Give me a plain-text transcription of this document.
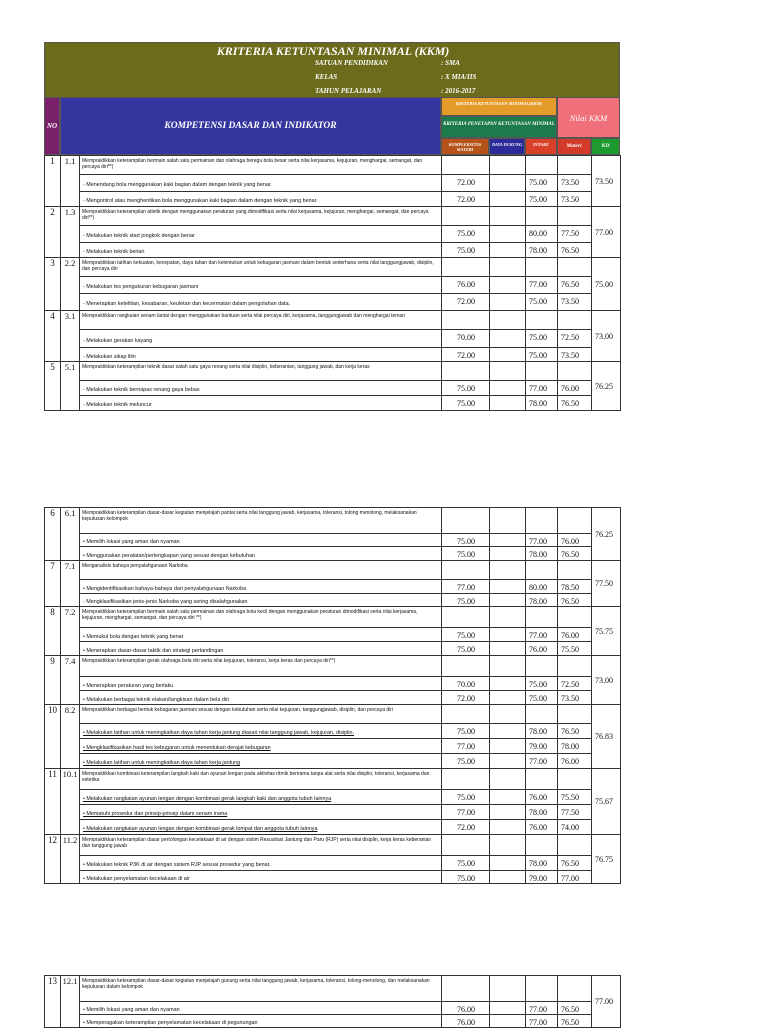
KRITERIA KETUNTASAN MINIMAL (KKM)
SATUAN PENDIDIKAN	: SMA
KELAS	: X MIA/IIS
TAHUN PELAJARAN	: 2016-2017
NO	KOMPETENSI DASAR DAN INDIKATOR
KRITERIA KETUNTASAN MINIMAL(KKM)
KRITERIA PENETAPAN KETUNTASAN MINIMAL
Nilai KKM
KOMPLEKSITAS MATERI
DAYA DUKUNG	INTAKE	Materi	KD
1	1.1	Mempraktikkan keterampilan bermain salah satu permainan dan olahraga beregu bola besar serta nilai kerjasama, kejujuran, menghargai, semangat, dan percaya diri**)					73.50
		- Menendang bola menggunakan kaki bagian dalam dengan teknik yang benar.	72.00		75.00	73.50	
		- Mengontrol atau menghentikan bola menggunakan kaki bagian dalam dengan teknik yang benar.	72.00		75.00	73.50	
2	1.3	Mempraktikkan keterampilan atletik dengan menggunakan peraturan yang dimodifikasi serta nilai kerjasama, kejujuran, menghargai, semangat, dan percaya diri**)					77.00
		- Melakukan teknik start jongkok dengan benar	75.00		80.00	77.50	
		- Melakukan teknik berlari	75.00		78.00	76.50	
3	2.2	Mempraktikkan latihan kekuatan, kecepatan, daya tahan dan kelentukan untuk kebugaran jasmani dalam bentuk sederhana serta nilai tanggungjawab, disiplin, dan percaya diri					75.00
		- Melakukan tes pengukuran kebugaran jasmani	76.00		77.00	76.50	
		- Menerapkan ketelitian, kesabaran, keuletan dan kecermatan dalam pengolahan data.	72.00		75.00	73.50	
4	3.1	Mempraktikkan rangkaian senam lantai dengan menggunakan bantuan serta nilai percaya diri, kerjasama, tanggungjawab dan menghargai teman					73.00
		- Melakukan gerakan kayang	70.00		75.00	72.50	
		- Melakukan sikap lilin	72.00		75.00	73.50	
5	5.1	Mempraktikkan keterampilan teknik dasar salah satu gaya renang serta nilai disiplin, keberanian, tanggung jawab, dan kerja keras					76.25
		- Melakukan teknik bernapas renang gaya bebas	75.00		77.00	76.00	
		- Melakukan teknik meluncur	75.00		78.00	76.50	
6	6.1	Mempraktikkan keterampilan dasar-dasar kegiatan menjelajah pantai serta nilai tanggung jawab, kerjasama, toleransi, tolong menolong, melaksanakan keputusan kelompok					76.25
		• Memilih lokasi yang aman dan nyaman	75.00		77.00	76.00	
		• Menggunakan peralatan/perlengkapan yang sesuai dengan kebutuhan	75.00		78.00	76.50	
7	7.1	Menganalisis bahaya penyalahgunaan Narkoba					77.50
		• Mengidentifikasikan bahaya-bahaya dari penyalahgunaan Narkoba	77.00		80.00	78.50	
		- Mengklasifikasikan jenis-jenis Narkoba yang sering disalahgunakan	75.00		78.00	76.50	
8	7.2	Mempraktikkan keterampilan bermain salah satu permainan dan olahraga bola kecil dengan menggunakan peraturan dimodifikasi serta nilai kerjasama, kejujuran, menghargai, semangat, dan percaya diri **)					75.75
		• Memukul bola dengan teknik yang benar	75.00		77.00	76.00	
		• Menerapkan dasar-dasar taktik dan strategi pertandingan	75.00		76.00	75.50	
9	7.4	Mempraktikkan keterampilan gerak olahraga bela diri serta nilai kejujuran, toleransi, kerja keras dan percaya diri**)					73.00
		• Menerapkan peraturan yang berlaku	70.00		75.00	72.50	
		• Melakukan berbagai teknik elakan/tangkisan dalam bela diri	72.00		75.00	73.50	
10	8.2	Mempraktikkan berbagai bentuk kebugaran jasmani sesuai dengan kebutuhan serta nilai kejujuran, tanggungjawab, disiplin, dan percaya diri					76.83
		• Melakukan latihan untuk meningkatkan daya tahan kerja jantung diasari nilai tanggung jawab, kejujuran, disiplin.	75.00		78.00	76.50	
		• Mengklasifikasikan hasil tes kebugaran untuk menentukan derajat kebugaran	77.00		79.00	78.00	
		• Melakukan latihan untuk meningkatkan daya tahan kerja jantung	75.00		77.00	76.00	
11	10.1	Mempraktikkan kombinasi keterampilan langkah kaki dan ayunan lengan pada aktivitas ritmik berirama tanpa alat serta nilai disiplin, toleransi, kerjasama dan estetika					75.67
		• Melakukan rangkaian ayunan lengan dengan kombinasi gerak langkah kaki dan anggota tubuh lainnya	75.00		76.00	75.50	
		• Mematuhi prosedur dan prinsip-prinsip dalam senam irama	77.00		78.00	77.50	
		• Melakukan rangkaian ayunan lengan dengan kombinasi gerak lompat dan anggota tubuh lainnya	72.00		76.00	74.00	
12	11.2	Mempraktikkan keterampilan dasar pertolongan kecelakaan di air dengan sistim Resusitasi Jantung dan Paru (RJP) serta nilai disiplin, kerja keras keberanian dan tanggung jawab					76.75
		• Melakukan teknik P3K di air dengan sistem RJP sesuai prosedur yang benar.	75.00		78.00	76.50	
		• Melakukan penyelamatan kecelakaan di air	75.00		79.00	77.00	
13	12.1	Mempraktikkan keterampilan dasar-dasar kegiatan menjelajah gunung serta nilai tanggung jawab, kerjasama, toleransi, tolong-menolong, dan melaksanakan keputusan dalam kelompok					77.00
		• Memilih lokasi yang aman dan nyaman	76.00		77.00	76.50	
		• Memperagakan keterampilan penyelamatan kecelakaan di pegunungan	76.00		77.00	76.50	
